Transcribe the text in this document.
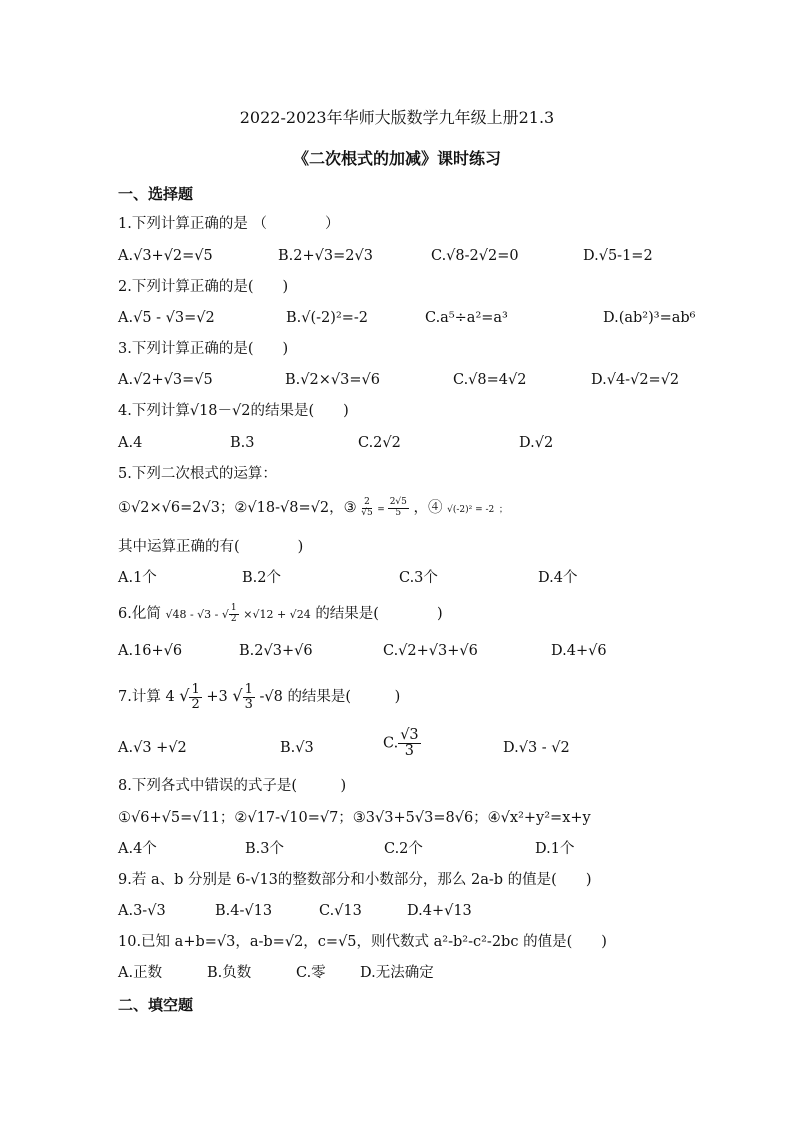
2022-2023年华师大版数学九年级上册21.3
《二次根式的加减》课时练习
一、选择题
1.下列计算正确的是 （　　　　）
A.√3+√2=√5	B.2+√3=2√3	C.√8-2√2=0	D.√5-1=2
2.下列计算正确的是(　　)
A.√5 - √3=√2	B.√(-2)²=-2	C.a⁵÷a²=a³	D.(ab²)³=ab⁶
3.下列计算正确的是(　　)
A.√2+√3=√5	B.√2×√3=√6	C.√8=4√2	D.√4-√2=√2
4.下列计算√18－√2的结果是(　　)
A.4	B.3	C.2√2	D.√2
5.下列二次根式的运算：
①√2×√6=2√3；②√18-√8=√2，③ $\frac{2}{√5} = \frac{2√5}{5}$ ，④ √(-2)² = -2 ；
其中运算正确的有(　　　　)
A.1个	B.2个	C.3个	D.4个
6.化简 √48 - √3 - √ $\frac{1}{2} \times√12 + √24$ 的结果是(　　　　)
A.16+√6	B.2√3+√6	C.√2+√3+√6	D.4+√6
7.计算 4 √ $\frac{1}{2} +3$ √ $\frac{1}{3} -√8$ 的结果是(　　　)
A.√3 +√2	B.√3	C. $\frac{√3}{3}$	D.√3 - √2
8.下列各式中错误的式子是(　　　)
①√6+√5=√11；②√17-√10=√7；③3√3+5√3=8√6；④√x²+y²=x+y
A.4个	B.3个	C.2个	D.1个
9.若 a、b 分别是 6-√13的整数部分和小数部分，那么 2a-b 的值是(　　)
A.3-√3	B.4-√13	C.√13	D.4+√13
10.已知 a+b=√3，a-b=√2，c=√5，则代数式 a²-b²-c²-2bc 的值是(　　)
A.正数	B.负数	C.零 D.无法确定
二、填空题
